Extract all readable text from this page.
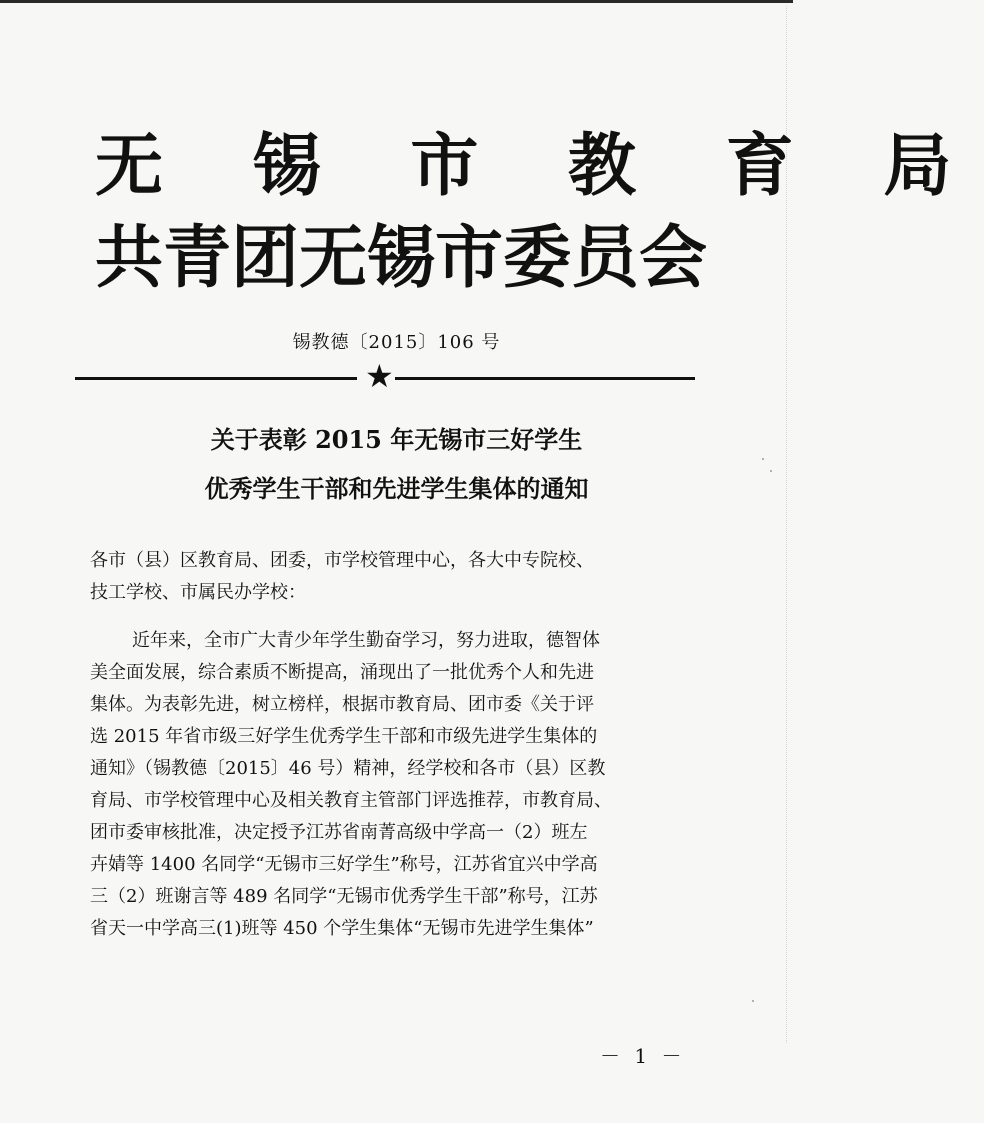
无 锡 市 教 育 局
共青团无锡市委员会
锡教德〔2015〕106 号
★
关于表彰 2015 年无锡市三好学生
优秀学生干部和先进学生集体的通知
各市（县）区教育局、团委，市学校管理中心，各大中专院校、
技工学校、市属民办学校：
近年来，全市广大青少年学生勤奋学习，努力进取，德智体
美全面发展，综合素质不断提高，涌现出了一批优秀个人和先进
集体。为表彰先进，树立榜样，根据市教育局、团市委《关于评
选 2015 年省市级三好学生优秀学生干部和市级先进学生集体的
通知》（锡教德〔2015〕46 号）精神，经学校和各市（县）区教
育局、市学校管理中心及相关教育主管部门评选推荐，市教育局、
团市委审核批准，决定授予江苏省南菁高级中学高一（2）班左
卉婧等 1400 名同学“无锡市三好学生”称号，江苏省宜兴中学高
三（2）班谢言等 489 名同学“无锡市优秀学生干部”称号，江苏
省天一中学高三(1)班等 450 个学生集体“无锡市先进学生集体”
－ 1 －
